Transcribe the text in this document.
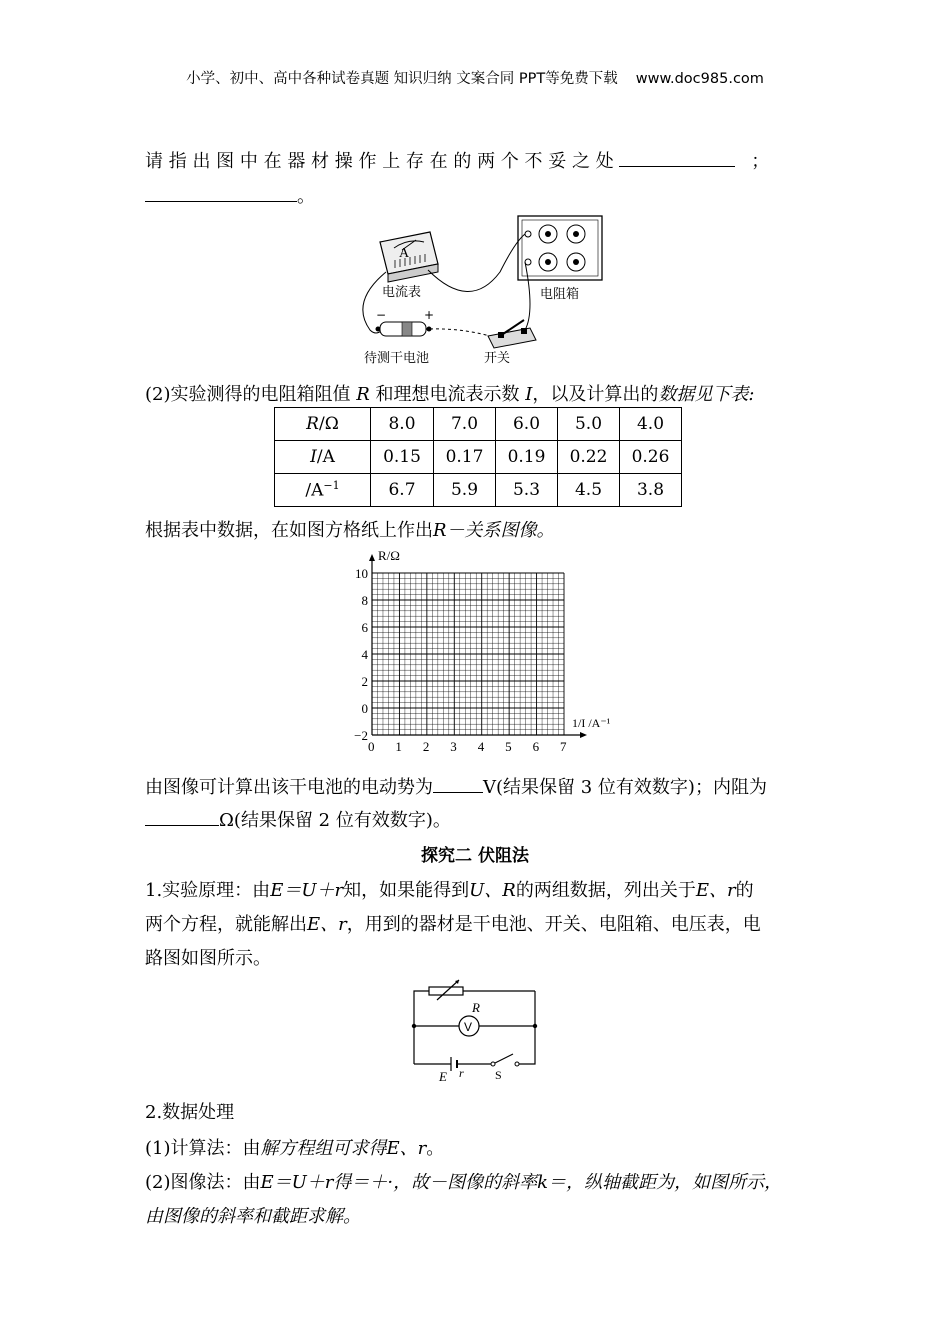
小学、初中、高中各种试卷真题 知识归纳 文案合同 PPT等免费下载 www.doc985.com
请 指 出 图 中 在 器 材 操 作 上 存 在 的 两 个 不 妥 之 处	；
。
A
电流表	电阻箱
−	+
待测干电池	开关
(2)实验测得的电阻箱阻值 R 和理想电流表示数 I，以及计算出的数据见下表:
R/Ω	8.0	7.0	6.0	5.0	4.0
I/A	0.15	0.17	0.19	0.22	0.26
$/A^{-1}$	6.7	5.9	5.3	4.5	3.8
根据表中数据，在如图方格纸上作出R－关系图像。
0 1 2 3 4 5 6 7
−2
0
2
4
6
8
10
R/Ω
1/I /A⁻¹
由图像可计算出该干电池的电动势为	V(结果保留 3 位有效数字)；内阻为
Ω(结果保留 2 位有效数字)。
探究二 伏阻法
1.实验原理：由E＝U＋r知，如果能得到U、R的两组数据，列出关于E、r的
两个方程，就能解出E、r，用到的器材是干电池、开关、电阻箱、电压表，电
路图如图所示。
R
V
E r	S
2.数据处理
(1)计算法：由解方程组可求得E、r。
(2)图像法：由E＝U＋r得＝＋·，故－图像的斜率k＝，纵轴截距为，如图所示，
由图像的斜率和截距求解。
